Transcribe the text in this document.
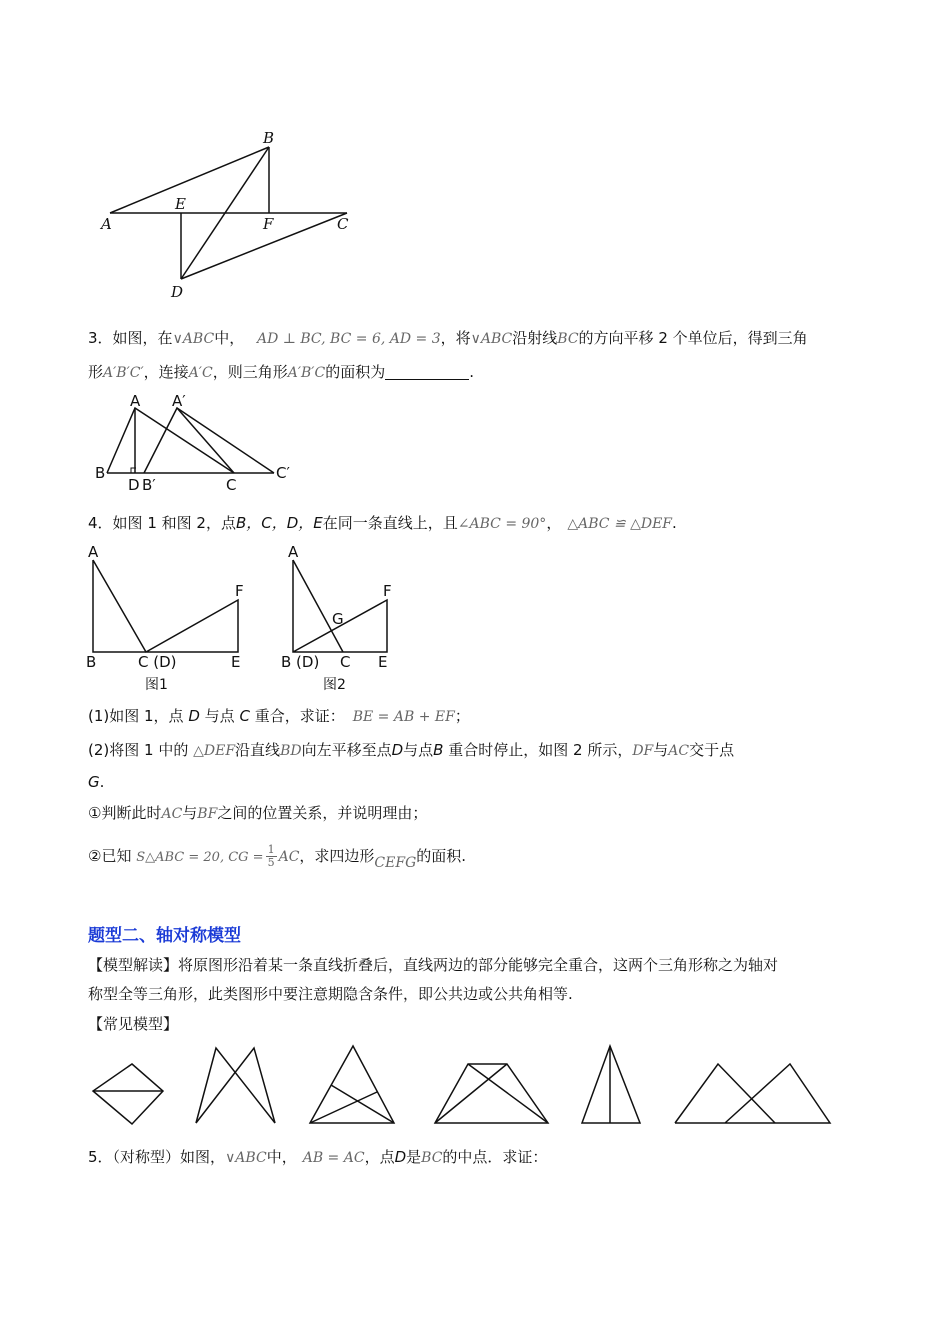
A
B
E
F	C
D
3．如图，在∨ABC中， AD ⊥ BC, BC = 6, AD = 3，将∨ABC沿射线BC的方向平移 2 个单位后，得到三角
形A′B′C′，连接A′C，则三角形A′B′C的面积为	.
A A′
B
D B′	C
C′
4．如图 1 和图 2，点B，C，D，E在同一条直线上，且∠ABC = 90°， △ABC ≌ △DEF.
A
B	C (D)	E
F
图1
A
B (D) C E
F
G
图2
(1)如图 1，点 D 与点 C 重合，求证： BE = AB + EF；
(2)将图 1 中的 △DEF沿直线BD向左平移至点D与点B 重合时停止，如图 2 所示，DF与AC交于点
G.
①判断此时AC与BF之间的位置关系，并说明理由；
②已知 S△ABC = 20, CG = $\frac{1}{5}$ AC，求四边形CEFG的面积.
题型二、轴对称模型
【模型解读】将原图形沿着某一条直线折叠后，直线两边的部分能够完全重合，这两个三角形称之为轴对
称型全等三角形，此类图形中要注意期隐含条件，即公共边或公共角相等.
【常见模型】
5．（对称型）如图，∨ABC中， AB = AC，点D是BC的中点．求证：
